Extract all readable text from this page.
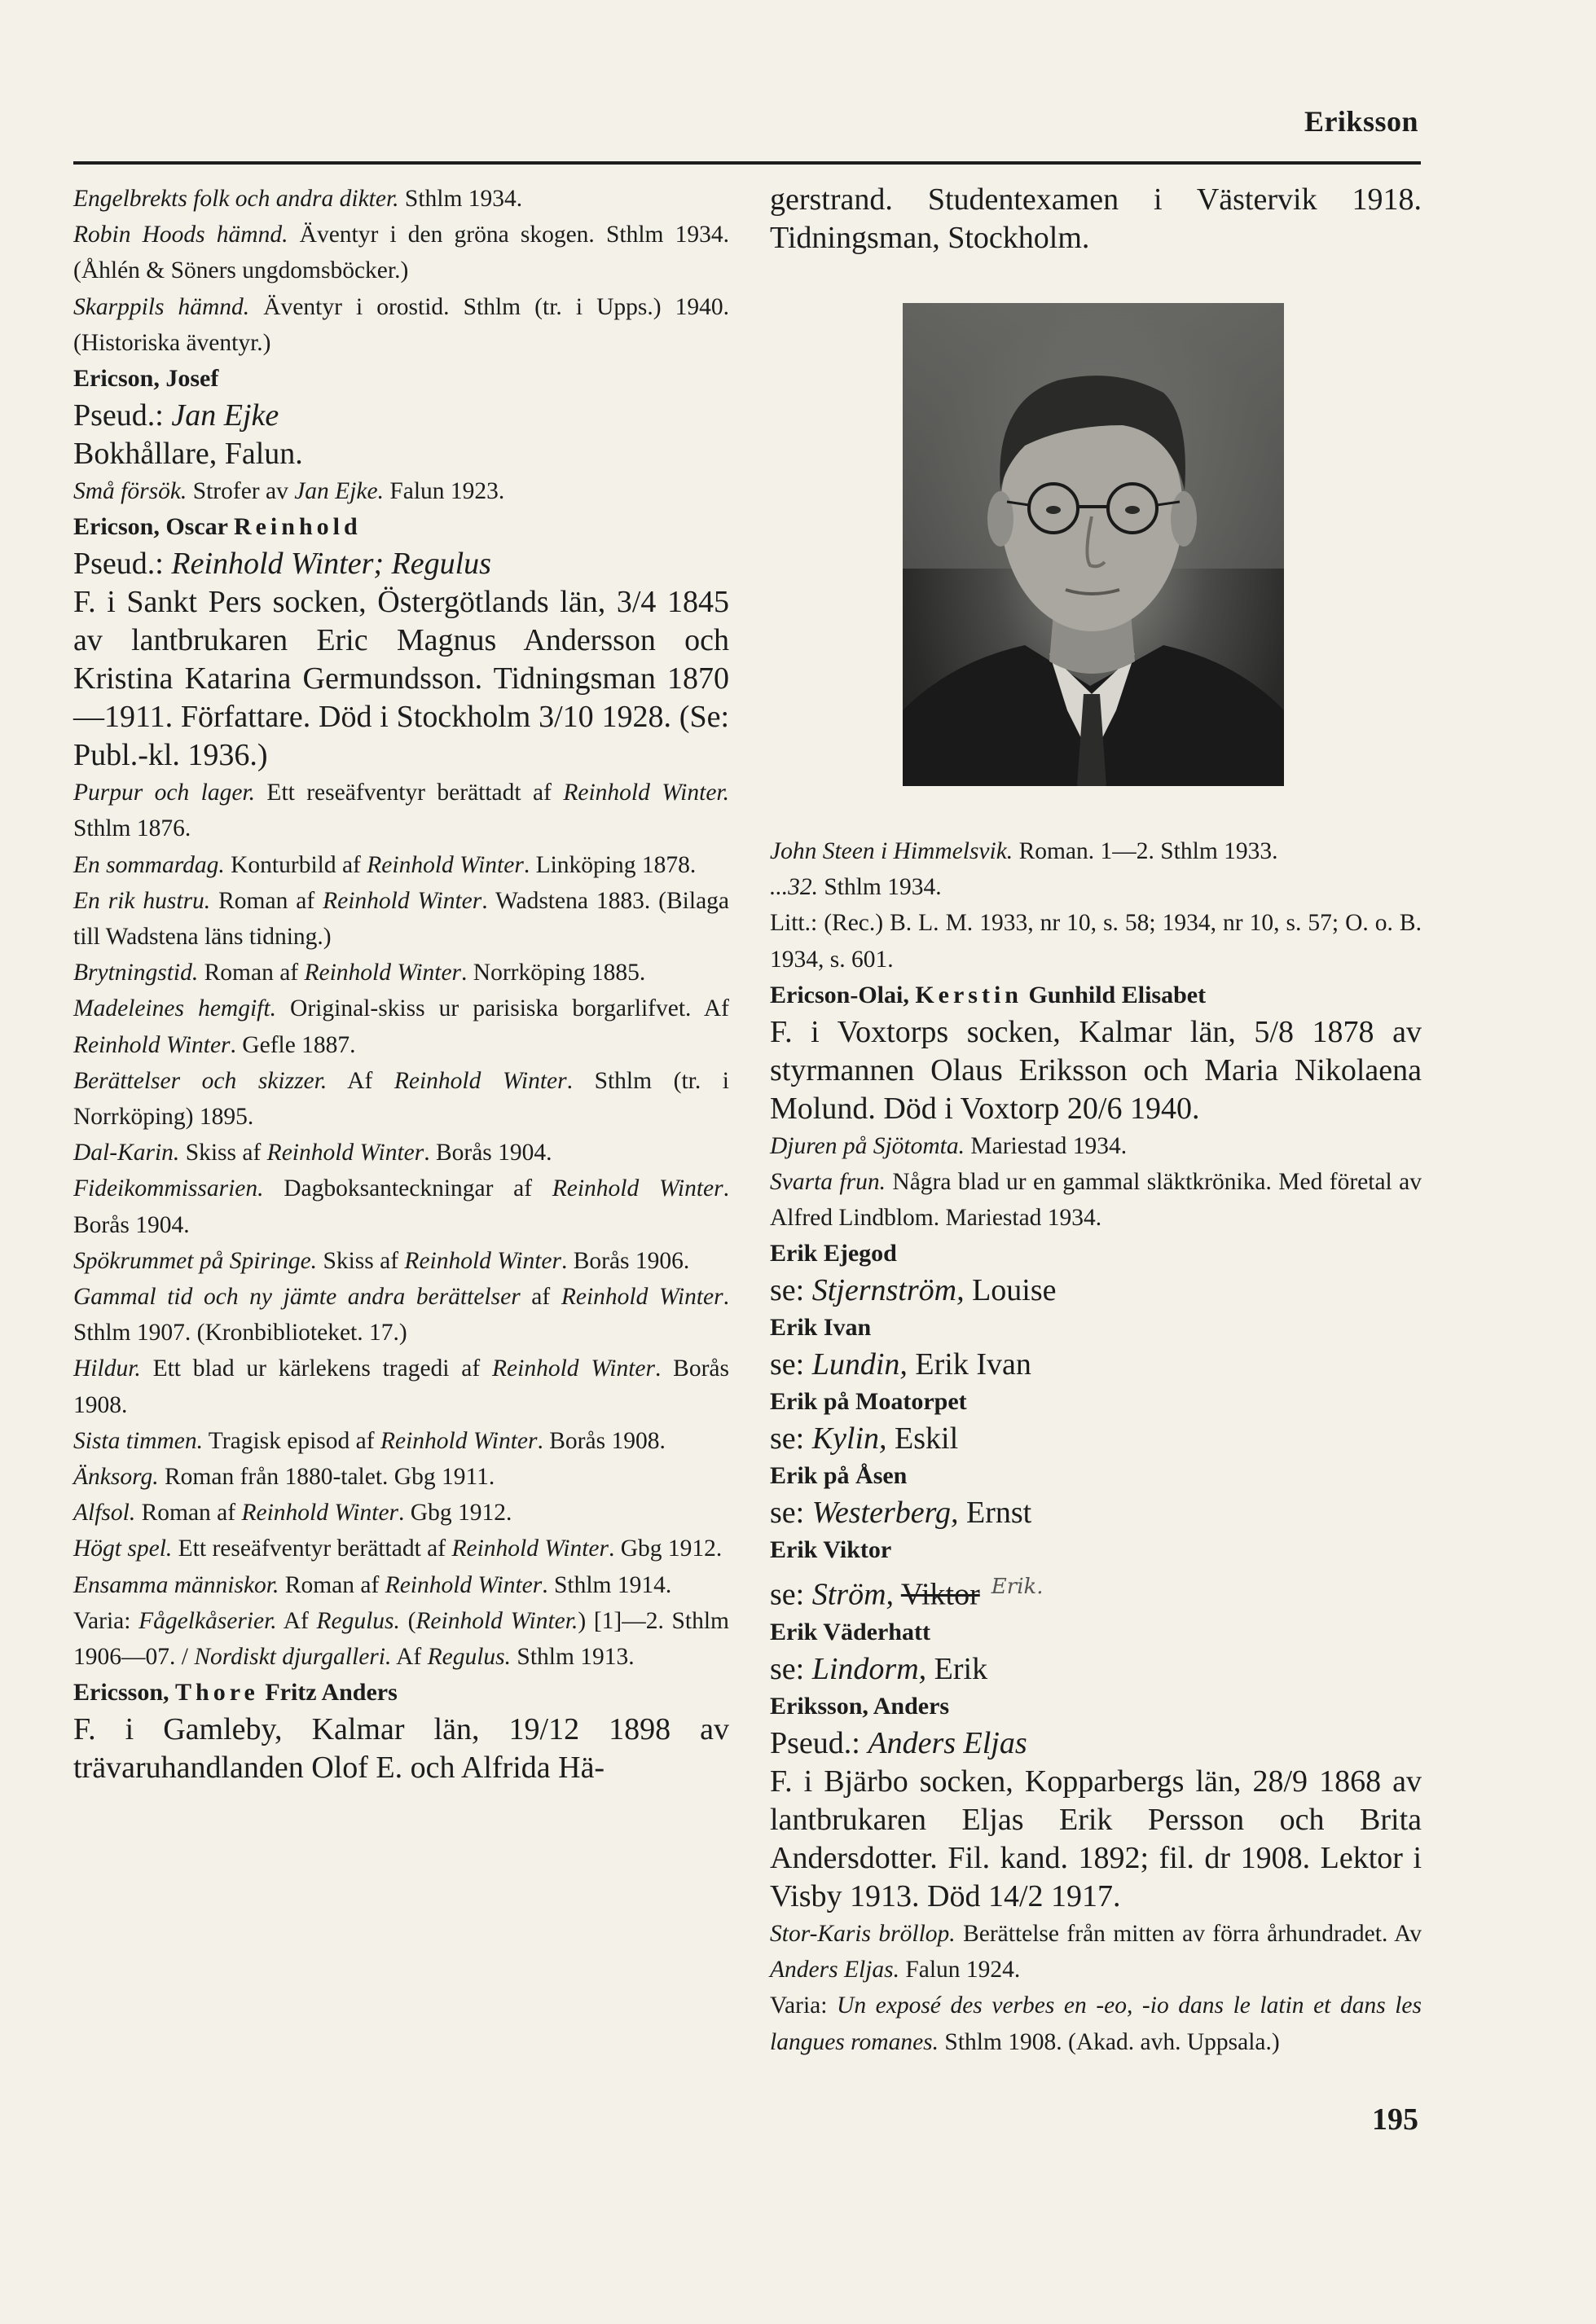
Eriksson

Engelbrekts folk och andra dikter. Sthlm 1934.

Robin Hoods hämnd. Äventyr i den gröna skogen. Sthlm 1934. (Åhlén & Söners ungdomsböcker.)

Skarppils hämnd. Äventyr i orostid. Sthlm (tr. i Upps.) 1940. (Historiska äventyr.)

Ericson, Josef

Pseud.: Jan Ejke

Bokhållare, Falun.

Små försök. Strofer av Jan Ejke. Falun 1923.

Ericson, Oscar Reinhold

Pseud.: Reinhold Winter; Regulus

F. i Sankt Pers socken, Östergötlands län, 3/4 1845 av lantbrukaren Eric Magnus Andersson och Kristina Katarina Germundsson. Tidningsman 1870—1911. Författare. Död i Stockholm 3/10 1928. (Se: Publ.-kl. 1936.)

Purpur och lager. Ett reseäfventyr berättadt af Reinhold Winter. Sthlm 1876.

En sommardag. Konturbild af Reinhold Winter. Linköping 1878.

En rik hustru. Roman af Reinhold Winter. Wadstena 1883. (Bilaga till Wadstena läns tidning.)

Brytningstid. Roman af Reinhold Winter. Norrköping 1885.

Madeleines hemgift. Original-skiss ur parisiska borgarlifvet. Af Reinhold Winter. Gefle 1887.

Berättelser och skizzer. Af Reinhold Winter. Sthlm (tr. i Norrköping) 1895.

Dal-Karin. Skiss af Reinhold Winter. Borås 1904.

Fideikommissarien. Dagboksanteckningar af Reinhold Winter. Borås 1904.

Spökrummet på Spiringe. Skiss af Reinhold Winter. Borås 1906.

Gammal tid och ny jämte andra berättelser af Reinhold Winter. Sthlm 1907. (Kronbiblioteket. 17.)

Hildur. Ett blad ur kärlekens tragedi af Reinhold Winter. Borås 1908.

Sista timmen. Tragisk episod af Reinhold Winter. Borås 1908.

Änksorg. Roman från 1880-talet. Gbg 1911.

Alfsol. Roman af Reinhold Winter. Gbg 1912.

Högt spel. Ett reseäfventyr berättadt af Reinhold Winter. Gbg 1912.

Ensamma människor. Roman af Reinhold Winter. Sthlm 1914.

Varia: Fågelkåserier. Af Regulus. (Reinhold Winter.) [1]—2. Sthlm 1906—07. / Nordiskt djurgalleri. Af Regulus. Sthlm 1913.

Ericsson, Thore Fritz Anders

F. i Gamleby, Kalmar län, 19/12 1898 av trävaruhandlanden Olof E. och Alfrida Hä-

gerstrand. Studentexamen i Västervik 1918. Tidningsman, Stockholm.

John Steen i Himmelsvik. Roman. 1—2. Sthlm 1933.

...32. Sthlm 1934.

Litt.: (Rec.) B. L. M. 1933, nr 10, s. 58; 1934, nr 10, s. 57; O. o. B. 1934, s. 601.

Ericson-Olai, Kerstin Gunhild Elisabet

F. i Voxtorps socken, Kalmar län, 5/8 1878 av styrmannen Olaus Eriksson och Maria Nikolaena Molund. Död i Voxtorp 20/6 1940.

Djuren på Sjötomta. Mariestad 1934.

Svarta frun. Några blad ur en gammal släktkrönika. Med företal av Alfred Lindblom. Mariestad 1934.

Erik Ejegod

se: Stjernström, Louise

Erik Ivan

se: Lundin, Erik Ivan

Erik på Moatorpet

se: Kylin, Eskil

Erik på Åsen

se: Westerberg, Ernst

Erik Viktor

se: Ström, Viktor $^{Erik.}$

Erik Väderhatt

se: Lindorm, Erik

Eriksson, Anders

Pseud.: Anders Eljas

F. i Bjärbo socken, Kopparbergs län, 28/9 1868 av lantbrukaren Eljas Erik Persson och Brita Andersdotter. Fil. kand. 1892; fil. dr 1908. Lektor i Visby 1913. Död 14/2 1917.

Stor-Karis bröllop. Berättelse från mitten av förra århundradet. Av Anders Eljas. Falun 1924.

Varia: Un exposé des verbes en -eo, -io dans le latin et dans les langues romanes. Sthlm 1908. (Akad. avh. Uppsala.)

195
